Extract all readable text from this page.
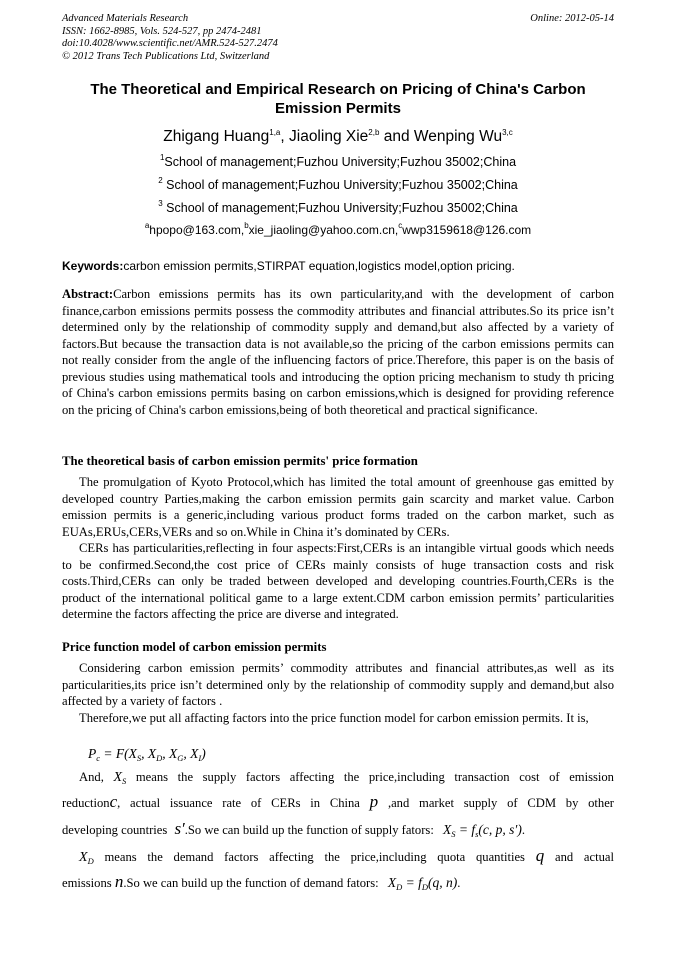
Advanced Materials Research
ISSN: 1662-8985, Vols. 524-527, pp 2474-2481
doi:10.4028/www.scientific.net/AMR.524-527.2474
© 2012 Trans Tech Publications Ltd, Switzerland
Online: 2012-05-14
The Theoretical and Empirical Research on Pricing of China's Carbon
Emission Permits
Zhigang Huang$^{1,a}$, Jiaoling Xie$^{2,b}$ and Wenping Wu$^{3,c}$
$^1$School of management;Fuzhou University;Fuzhou 35002;China
$^2$ School of management;Fuzhou University;Fuzhou 35002;China
$^3$ School of management;Fuzhou University;Fuzhou 35002;China
$^a$hpopo@163.com,$^b$xie_jiaoling@yahoo.com.cn,$^c$wwp3159618@126.com
Keywords:carbon emission permits,STIRPAT equation,logistics model,option pricing.

Abstract:Carbon emissions permits has its own particularity,and with the development of carbon finance,carbon emissions permits possess the commodity attributes and financial attributes.So its price isn’t determined only by the relationship of commodity supply and demand,but also affected by a variety of factors.But because the transaction data is not available,so the pricing of the carbon emissions permits can not really consider from the angle of the influencing factors of price.Therefore, this paper is on the basis of previous studies using mathematical tools and introducing the option pricing mechanism to study th pricing of China's carbon emissions permits basing on carbon emissions,which is designed for providing reference on the pricing of China's carbon emissions,being of both theoretical and practical significance.

The theoretical basis of carbon emission permits' price formation

The promulgation of Kyoto Protocol,which has limited the total amount of greenhouse gas emitted by developed country Parties,making the carbon emission permits gain scarcity and market value. Carbon emission permits is a generic,including various product forms traded on the carbon market, such as EUAs,ERUs,CERs,VERs and so on.While in China it’s dominated by CERs.

CERs has particularities,reflecting in four aspects:First,CERs is an intangible virtual goods which needs to be confirmed.Second,the cost price of CERs mainly consists of huge transaction costs and risk costs.Third,CERs can only be traded between developed and developing countries.Fourth,CERs is the product of the international political game to a large extent.CDM carbon emission permits’ particularities determine the factors affecting the price are diverse and integrated.

Price function model of carbon emission permits

Considering carbon emission permits’ commodity attributes and financial attributes,as well as its particularities,its price isn’t determined only by the relationship of commodity supply and demand,but also affected by a variety of factors .

Therefore,we put all affacting factors into the price function model for carbon emission permits. It is,

$P_c = F(X_S$, $X_D$, $X_G$, $X_I$)
And, $X_S$ means the supply factors affecting the price,including transaction cost of emission
reductionc, actual issuance rate of CERs in China p ,and market supply of CDM by other
developing countries s′.So we can build up the function of supply fators: $X_S = f_s(c$, p, s′).
$X_D$ means the demand factors affecting the price,including quota quantities q and actual
emissions n.So we can build up the function of demand fators: $X_D = f_D(q$, n).
